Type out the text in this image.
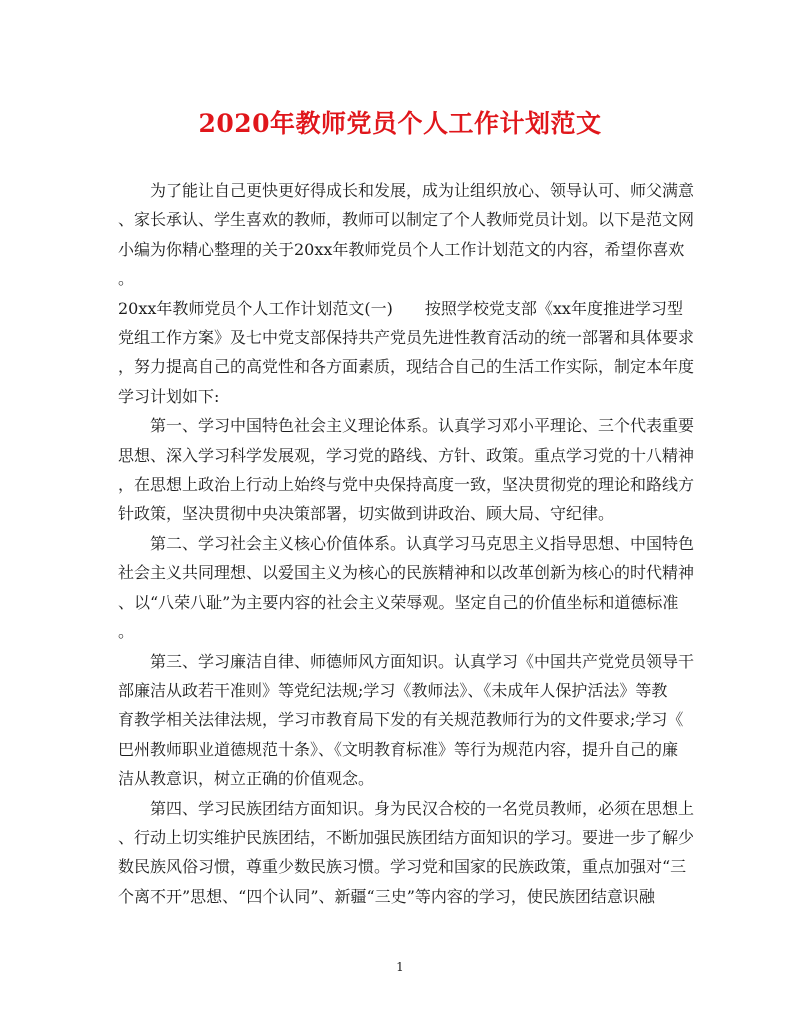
2020年教师党员个人工作计划范文
为了能让自己更快更好得成长和发展，成为让组织放心、领导认可、师父满意
、家长承认、学生喜欢的教师，教师可以制定了个人教师党员计划。以下是范文网
小编为你精心整理的关于20xx年教师党员个人工作计划范文的内容，希望你喜欢
。
20xx年教师党员个人工作计划范文(一)　　按照学校党支部《xx年度推进学习型
党组工作方案》及七中党支部保持共产党员先进性教育活动的统一部署和具体要求
，努力提高自己的高党性和各方面素质，现结合自己的生活工作实际，制定本年度
学习计划如下:
第一、学习中国特色社会主义理论体系。认真学习邓小平理论、三个代表重要
思想、深入学习科学发展观，学习党的路线、方针、政策。重点学习党的十八精神
，在思想上政治上行动上始终与党中央保持高度一致，坚决贯彻党的理论和路线方
针政策，坚决贯彻中央决策部署，切实做到讲政治、顾大局、守纪律。
第二、学习社会主义核心价值体系。认真学习马克思主义指导思想、中国特色
社会主义共同理想、以爱国主义为核心的民族精神和以改革创新为核心的时代精神
、以“八荣八耻”为主要内容的社会主义荣辱观。坚定自己的价值坐标和道德标准
。
第三、学习廉洁自律、师德师风方面知识。认真学习《中国共产党党员领导干
部廉洁从政若干准则》等党纪法规;学习《教师法》、《未成年人保护活法》等教
育教学相关法律法规，学习市教育局下发的有关规范教师行为的文件要求;学习《
巴州教师职业道德规范十条》、《文明教育标准》等行为规范内容，提升自己的廉
洁从教意识，树立正确的价值观念。
第四、学习民族团结方面知识。身为民汉合校的一名党员教师，必须在思想上
、行动上切实维护民族团结，不断加强民族团结方面知识的学习。要进一步了解少
数民族风俗习惯，尊重少数民族习惯。学习党和国家的民族政策，重点加强对“三
个离不开”思想、“四个认同”、新疆“三史”等内容的学习，使民族团结意识融
1
